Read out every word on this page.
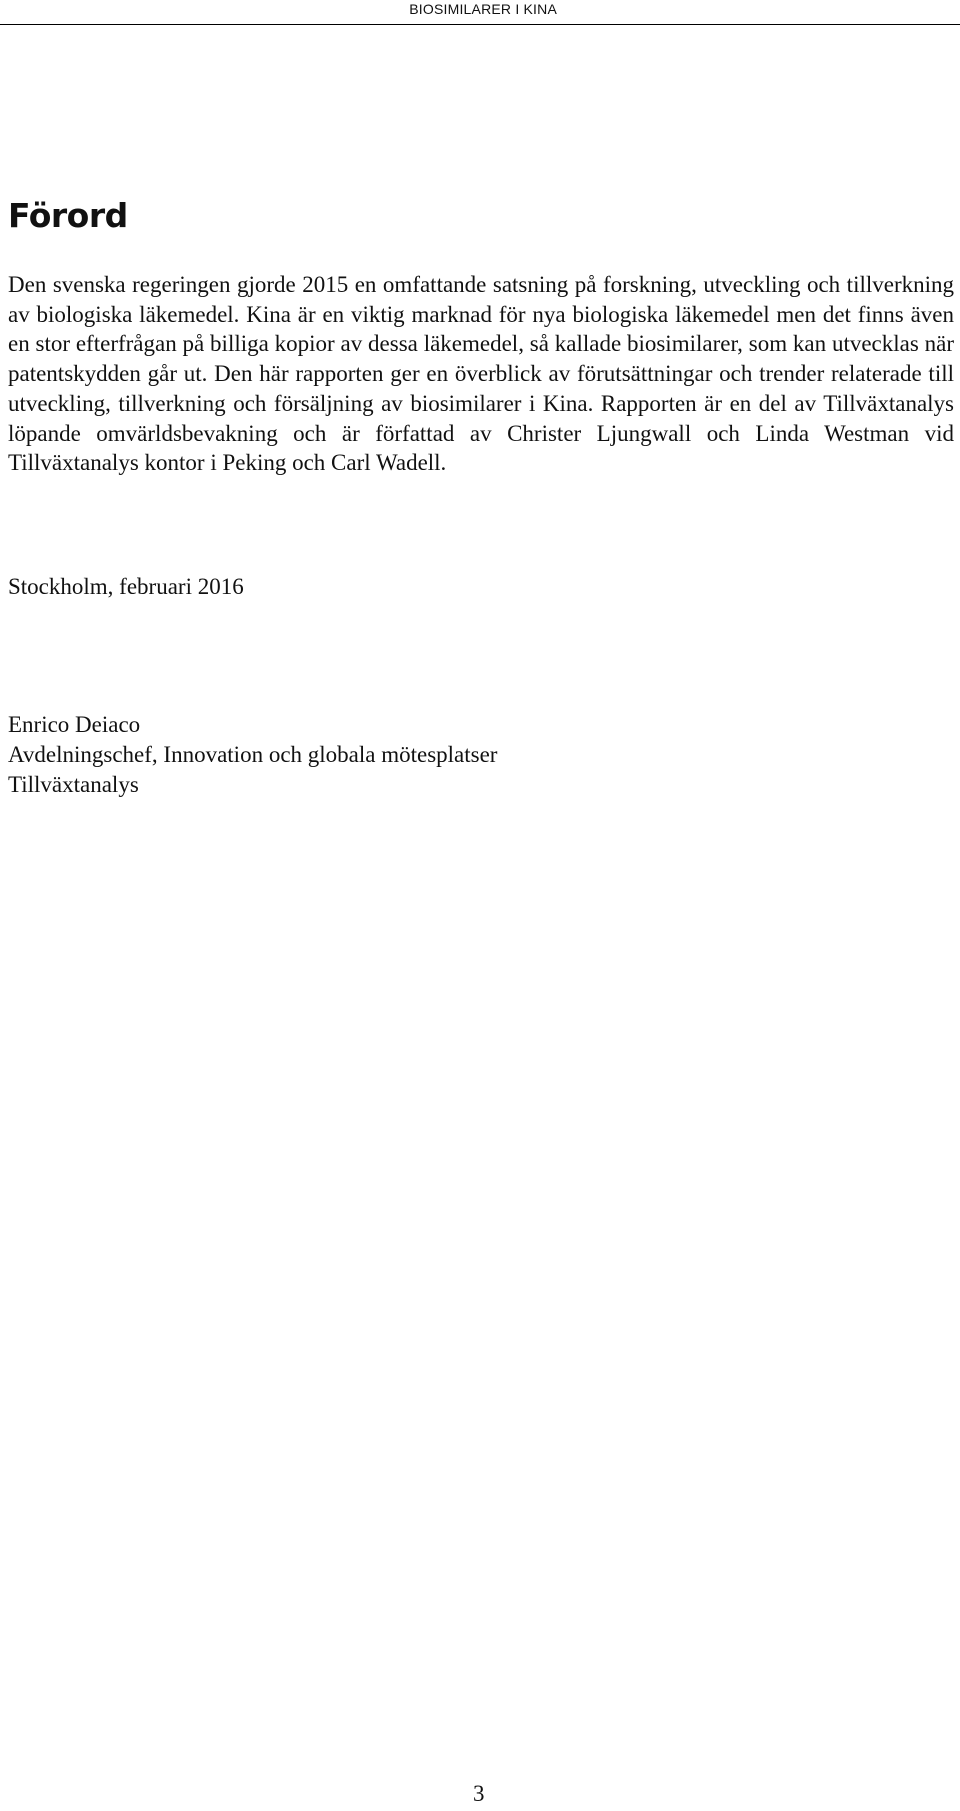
BIOSIMILARER I KINA
Förord

Den svenska regeringen gjorde 2015 en omfattande satsning på forskning, utveckling och tillverkning av biologiska läkemedel. Kina är en viktig marknad för nya biologiska läkemedel men det finns även en stor efterfrågan på billiga kopior av dessa läkemedel, så kallade biosimilarer, som kan utvecklas när patentskydden går ut. Den här rapporten ger en överblick av förutsättningar och trender relaterade till utveckling, tillverkning och försäljning av biosimilarer i Kina. Rapporten är en del av Tillväxtanalys löpande omvärldsbevakning och är författad av Christer Ljungwall och Linda Westman vid Tillväxtanalys kontor i Peking och Carl Wadell.

Stockholm, februari 2016

Enrico Deiaco
Avdelningschef, Innovation och globala mötesplatser
Tillväxtanalys
3
